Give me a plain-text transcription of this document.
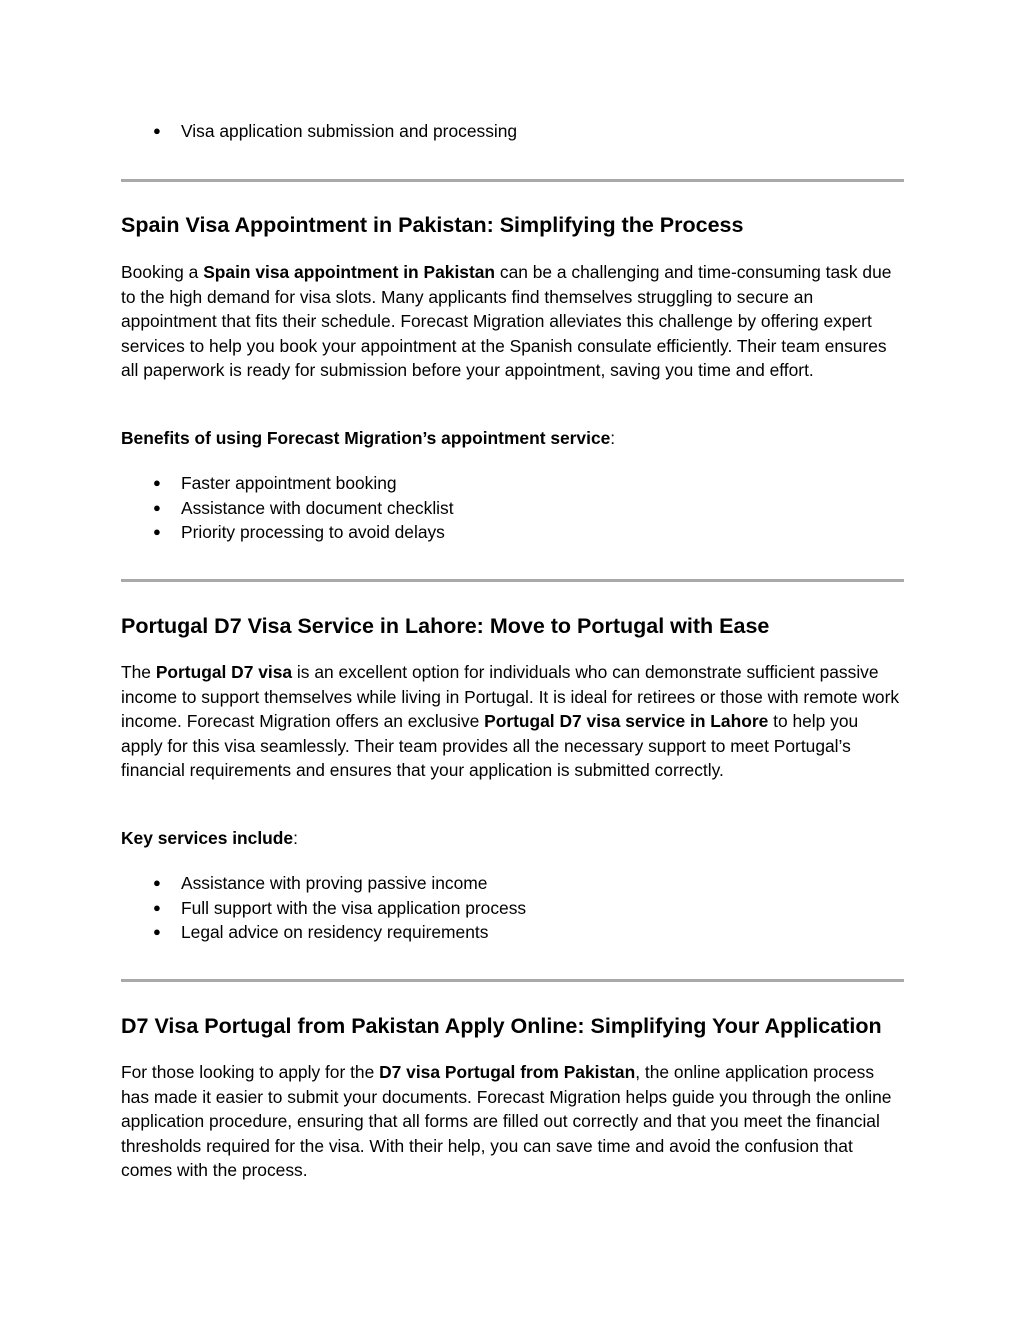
● Visa application submission and processing
Spain Visa Appointment in Pakistan: Simplifying the Process

Booking a Spain visa appointment in Pakistan can be a challenging and time-consuming task due to the high demand for visa slots. Many applicants find themselves struggling to secure an appointment that fits their schedule. Forecast Migration alleviates this challenge by offering expert services to help you book your appointment at the Spanish consulate efficiently. Their team ensures all paperwork is ready for submission before your appointment, saving you time and effort.

Benefits of using Forecast Migration’s appointment service:

● Faster appointment booking
● Assistance with document checklist
● Priority processing to avoid delays
Portugal D7 Visa Service in Lahore: Move to Portugal with Ease

The Portugal D7 visa is an excellent option for individuals who can demonstrate sufficient passive income to support themselves while living in Portugal. It is ideal for retirees or those with remote work income. Forecast Migration offers an exclusive Portugal D7 visa service in Lahore to help you apply for this visa seamlessly. Their team provides all the necessary support to meet Portugal’s financial requirements and ensures that your application is submitted correctly.

Key services include:

● Assistance with proving passive income
● Full support with the visa application process
● Legal advice on residency requirements
D7 Visa Portugal from Pakistan Apply Online: Simplifying Your Application

For those looking to apply for the D7 visa Portugal from Pakistan, the online application process has made it easier to submit your documents. Forecast Migration helps guide you through the online application procedure, ensuring that all forms are filled out correctly and that you meet the financial thresholds required for the visa. With their help, you can save time and avoid the confusion that comes with the process.
